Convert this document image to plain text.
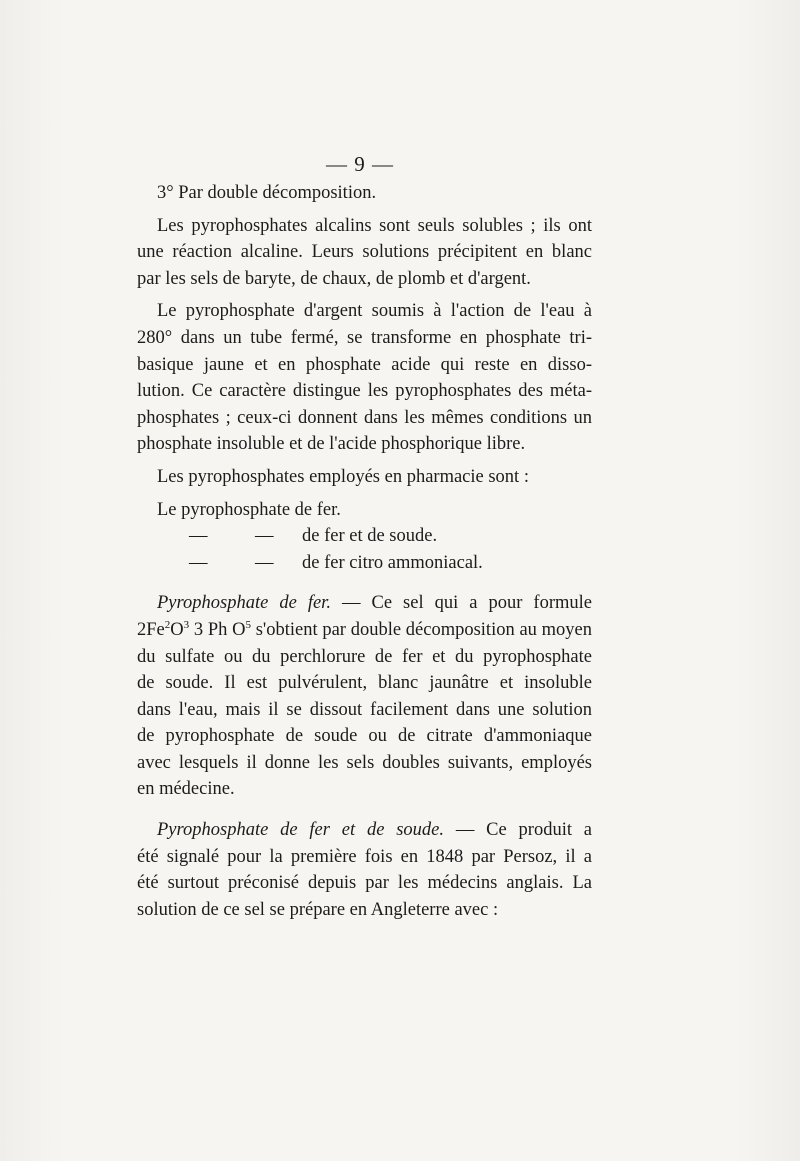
— 9 —
3° Par double décomposition.
Les pyrophosphates alcalins sont seuls solubles ; ils ont
une réaction alcaline. Leurs solutions précipitent en blanc
par les sels de baryte, de chaux, de plomb et d'argent.
Le pyrophosphate d'argent soumis à l'action de l'eau à
280° dans un tube fermé, se transforme en phosphate tri-
basique jaune et en phosphate acide qui reste en disso-
lution. Ce caractère distingue les pyrophosphates des méta-
phosphates ; ceux-ci donnent dans les mêmes conditions un
phosphate insoluble et de l'acide phosphorique libre.
Les pyrophosphates employés en pharmacie sont :
Le pyrophosphate de fer.
—	— de fer et de soude.
—	— de fer citro ammoniacal.
Pyrophosphate de fer. — Ce sel qui a pour formule
$2Fe^2O^3$ 3 Ph $O^5$ s'obtient par double décomposition au moyen
du sulfate ou du perchlorure de fer et du pyrophosphate
de soude. Il est pulvérulent, blanc jaunâtre et insoluble
dans l'eau, mais il se dissout facilement dans une solution
de pyrophosphate de soude ou de citrate d'ammoniaque
avec lesquels il donne les sels doubles suivants, employés
en médecine.
Pyrophosphate de fer et de soude. — Ce produit a
été signalé pour la première fois en 1848 par Persoz, il a
été surtout préconisé depuis par les médecins anglais. La
solution de ce sel se prépare en Angleterre avec :
